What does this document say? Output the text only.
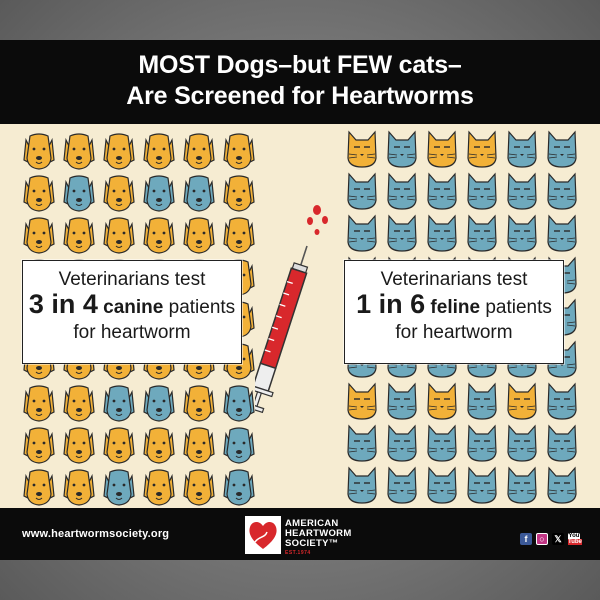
MOST Dogs–but FEW cats–
Are Screened for Heartworms
Veterinarians test
3 in 4 canine patients
for heartworm
Veterinarians test
1 in 6 feline patients
for heartworm
www.heartwormsociety.org
AMERICAN
HEARTWORM
SOCIETY™
EST.1974
f	○	𝕏	You
Tube
